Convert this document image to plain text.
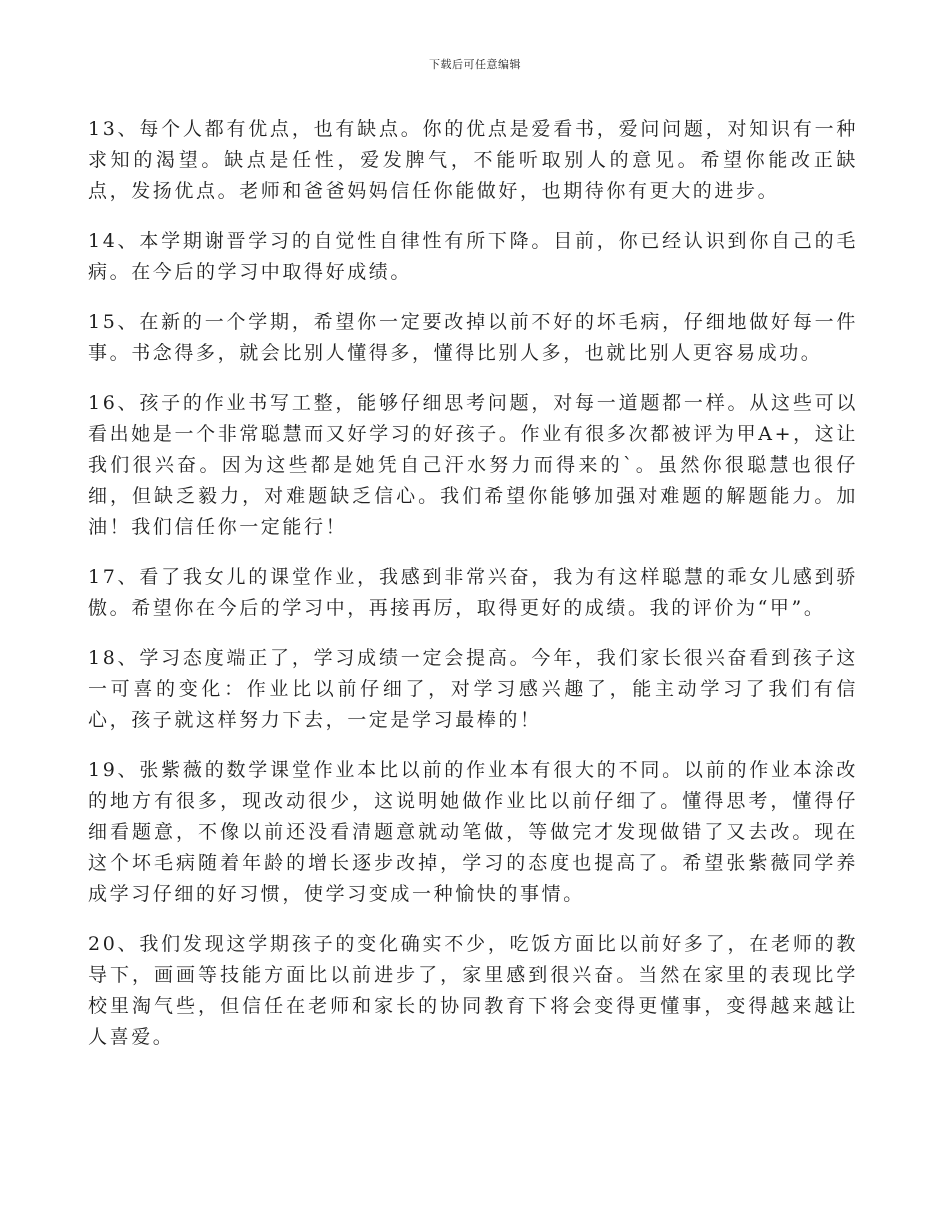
下载后可任意编辑

13、每个人都有优点，也有缺点。你的优点是爱看书，爱问问题，对知识有一种求知的渴望。缺点是任性，爱发脾气，不能听取别人的意见。希望你能改正缺点，发扬优点。老师和爸爸妈妈信任你能做好，也期待你有更大的进步。

14、本学期谢晋学习的自觉性自律性有所下降。目前，你已经认识到你自己的毛病。在今后的学习中取得好成绩。

15、在新的一个学期，希望你一定要改掉以前不好的坏毛病，仔细地做好每一件事。书念得多，就会比别人懂得多，懂得比别人多，也就比别人更容易成功。

16、孩子的作业书写工整，能够仔细思考问题，对每一道题都一样。从这些可以看出她是一个非常聪慧而又好学习的好孩子。作业有很多次都被评为甲A+，这让我们很兴奋。因为这些都是她凭自己汗水努力而得来的`。虽然你很聪慧也很仔细，但缺乏毅力，对难题缺乏信心。我们希望你能够加强对难题的解题能力。加油！我们信任你一定能行！

17、看了我女儿的课堂作业，我感到非常兴奋，我为有这样聪慧的乖女儿感到骄傲。希望你在今后的学习中，再接再厉，取得更好的成绩。我的评价为“甲”。

18、学习态度端正了，学习成绩一定会提高。今年，我们家长很兴奋看到孩子这一可喜的变化：作业比以前仔细了，对学习感兴趣了，能主动学习了我们有信心，孩子就这样努力下去，一定是学习最棒的！

19、张紫薇的数学课堂作业本比以前的作业本有很大的不同。以前的作业本涂改的地方有很多，现改动很少，这说明她做作业比以前仔细了。懂得思考，懂得仔细看题意，不像以前还没看清题意就动笔做，等做完才发现做错了又去改。现在这个坏毛病随着年龄的增长逐步改掉，学习的态度也提高了。希望张紫薇同学养成学习仔细的好习惯，使学习变成一种愉快的事情。

20、我们发现这学期孩子的变化确实不少，吃饭方面比以前好多了，在老师的教导下，画画等技能方面比以前进步了，家里感到很兴奋。当然在家里的表现比学校里淘气些，但信任在老师和家长的协同教育下将会变得更懂事，变得越来越让人喜爱。
